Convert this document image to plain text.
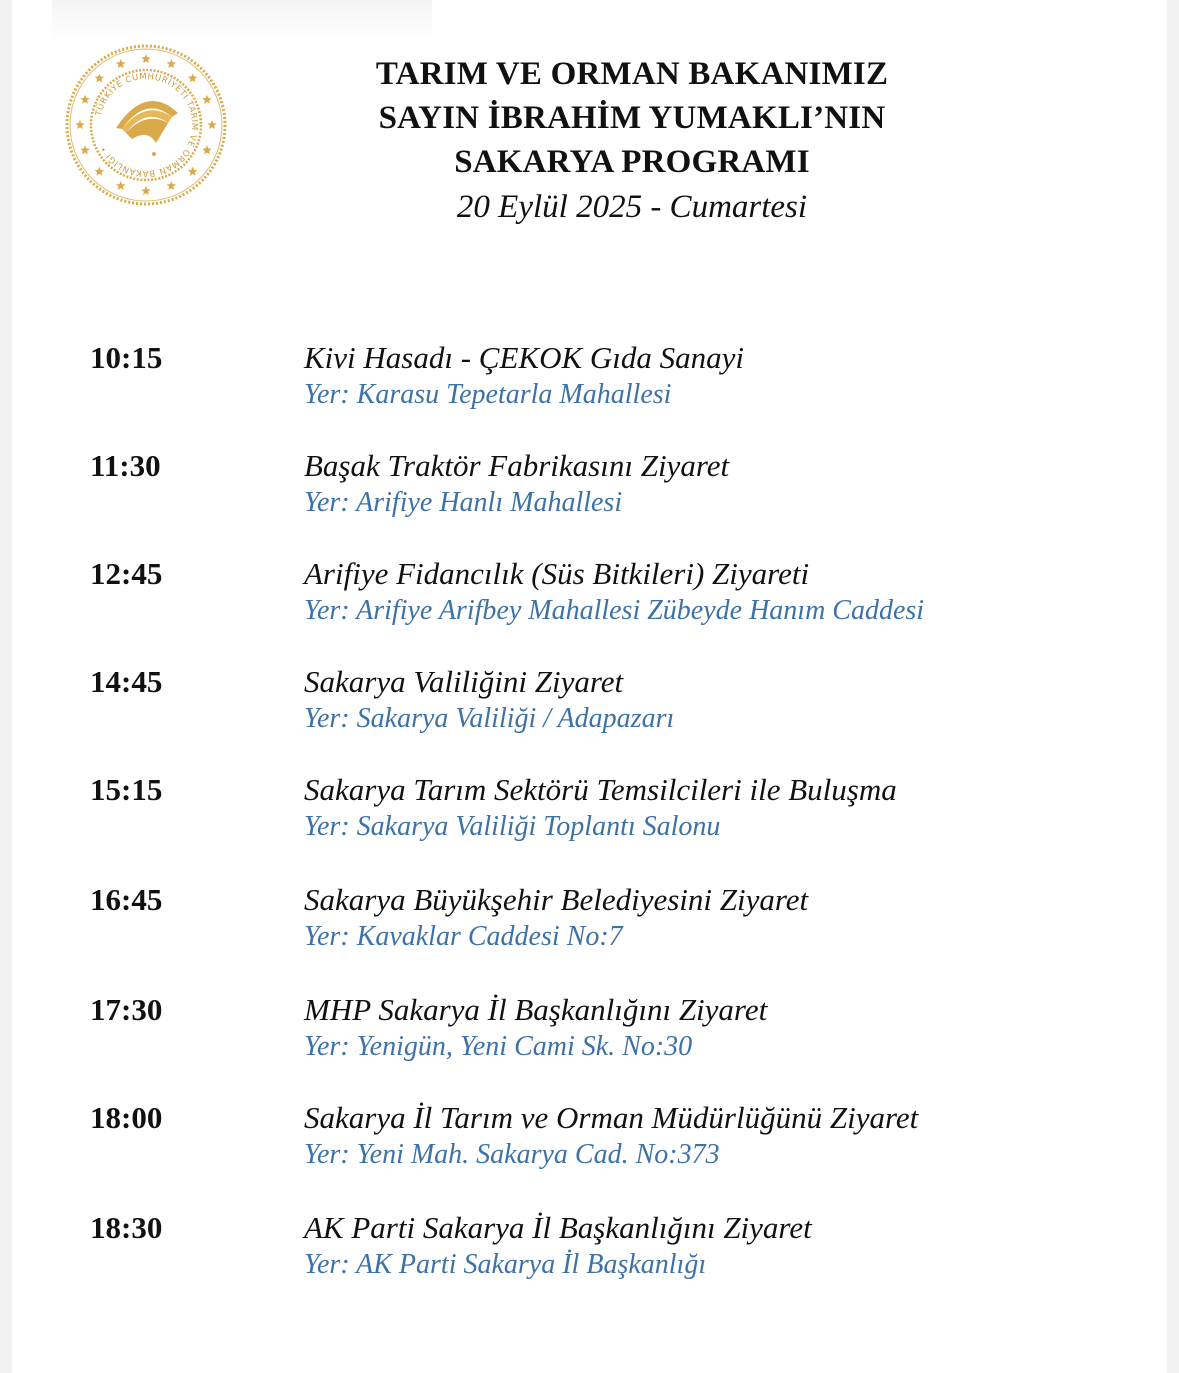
TÜRKİYE CUMHURİYETİ TARIM VE ORMAN BAKANLIĞI •
TARIM VE ORMAN BAKANIMIZ
SAYIN İBRAHİM YUMAKLI’NIN
SAKARYA PROGRAMI
20 Eylül 2025 - Cumartesi
10:15	Kivi Hasadı - ÇEKOK Gıda Sanayi
Yer: Karasu Tepetarla Mahallesi
11:30	Başak Traktör Fabrikasını Ziyaret
Yer: Arifiye Hanlı Mahallesi
12:45	Arifiye Fidancılık (Süs Bitkileri) Ziyareti
Yer: Arifiye Arifbey Mahallesi Zübeyde Hanım Caddesi
14:45	Sakarya Valiliğini Ziyaret
Yer: Sakarya Valiliği / Adapazarı
15:15	Sakarya Tarım Sektörü Temsilcileri ile Buluşma
Yer: Sakarya Valiliği Toplantı Salonu
16:45	Sakarya Büyükşehir Belediyesini Ziyaret
Yer: Kavaklar Caddesi No:7
17:30	MHP Sakarya İl Başkanlığını Ziyaret
Yer: Yenigün, Yeni Cami Sk. No:30
18:00	Sakarya İl Tarım ve Orman Müdürlüğünü Ziyaret
Yer: Yeni Mah. Sakarya Cad. No:373
18:30	AK Parti Sakarya İl Başkanlığını Ziyaret
Yer: AK Parti Sakarya İl Başkanlığı
